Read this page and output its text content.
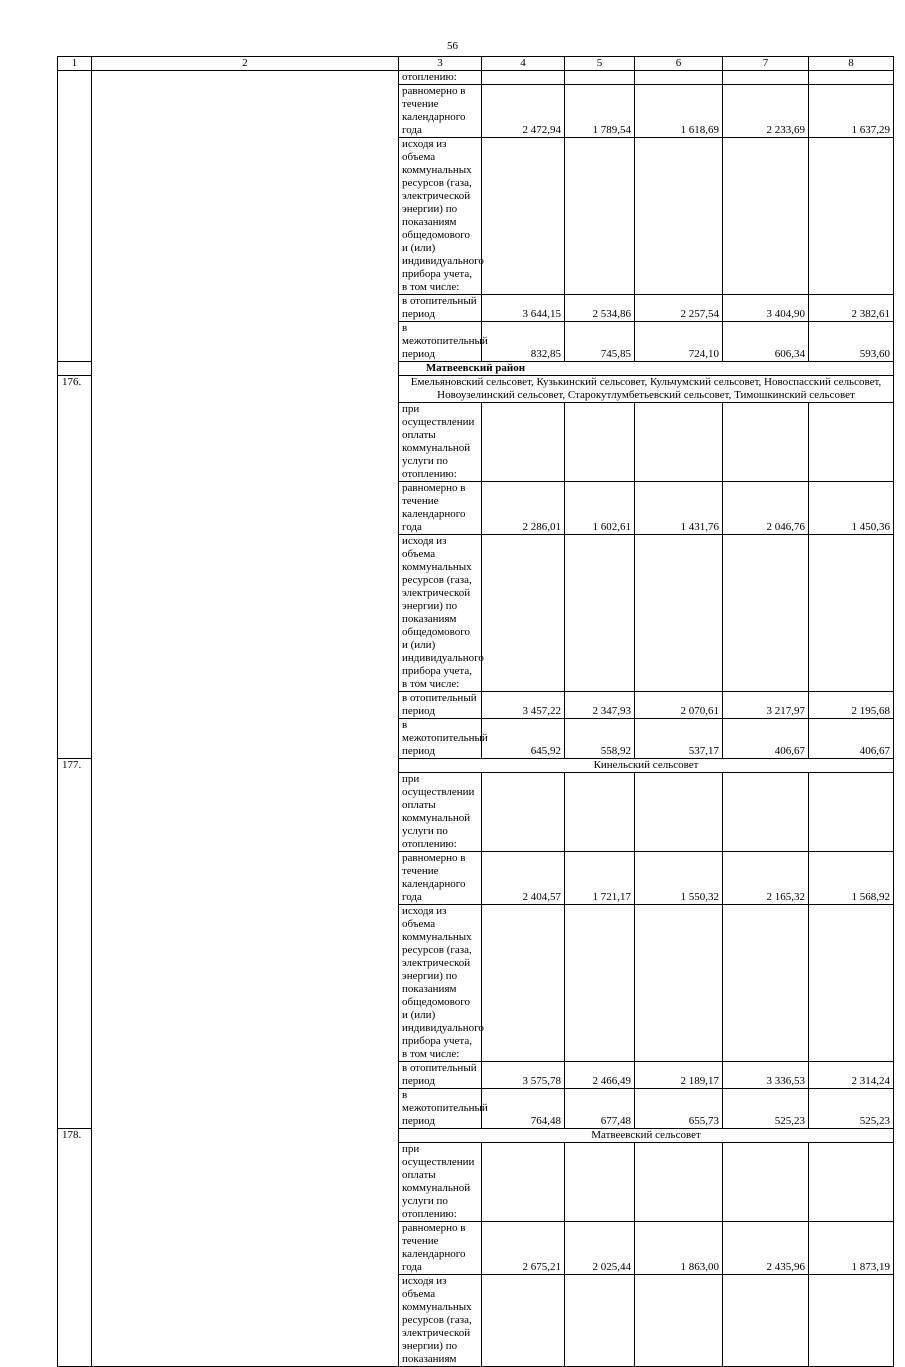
56
1	2	3	4	5	6	7	8	
		отоплению:						
		равномерно в течение календарного года	2 472,94	1 789,54	1 618,69	2 233,69	1 637,29	
		исходя из объема коммунальных ресурсов (газа, электрической энергии) по показаниям общедомового и (или) индивидуального прибора учета, в том числе:						
		в отопительный период	3 644,15	2 534,86	2 257,54	3 404,90	2 382,61	
		в межотопительный период	832,85	745,85	724,10	606,34	593,60	
Матвеевский район								
176.		Емельяновский сельсовет, Кузькинский сельсовет, Кульчумский сельсовет, Новоспасский сельсовет, Новоузелинский сельсовет, Старокутлумбетьевский сельсовет, Тимошкинский сельсовет						
		при осуществлении оплаты коммунальной услуги по отоплению:						
		равномерно в течение календарного года	2 286,01	1 602,61	1 431,76	2 046,76	1 450,36	
		исходя из объема коммунальных ресурсов (газа, электрической энергии) по показаниям общедомового и (или) индивидуального прибора учета, в том числе:						
		в отопительный период	3 457,22	2 347,93	2 070,61	3 217,97	2 195,68	
		в межотопительный период	645,92	558,92	537,17	406,67	406,67	
177.		Кинельский сельсовет						
		при осуществлении оплаты коммунальной услуги по отоплению:						
		равномерно в течение календарного года	2 404,57	1 721,17	1 550,32	2 165,32	1 568,92	
		исходя из объема коммунальных ресурсов (газа, электрической энергии) по показаниям общедомового и (или) индивидуального прибора учета, в том числе:						
		в отопительный период	3 575,78	2 466,49	2 189,17	3 336,53	2 314,24	
		в межотопительный период	764,48	677,48	655,73	525,23	525,23	
178.		Матвеевский сельсовет						
		при осуществлении оплаты коммунальной услуги по отоплению:						
		равномерно в течение календарного года	2 675,21	2 025,44	1 863,00	2 435,96	1 873,19	
		исходя из объема коммунальных ресурсов (газа, электрической энергии) по показаниям						
